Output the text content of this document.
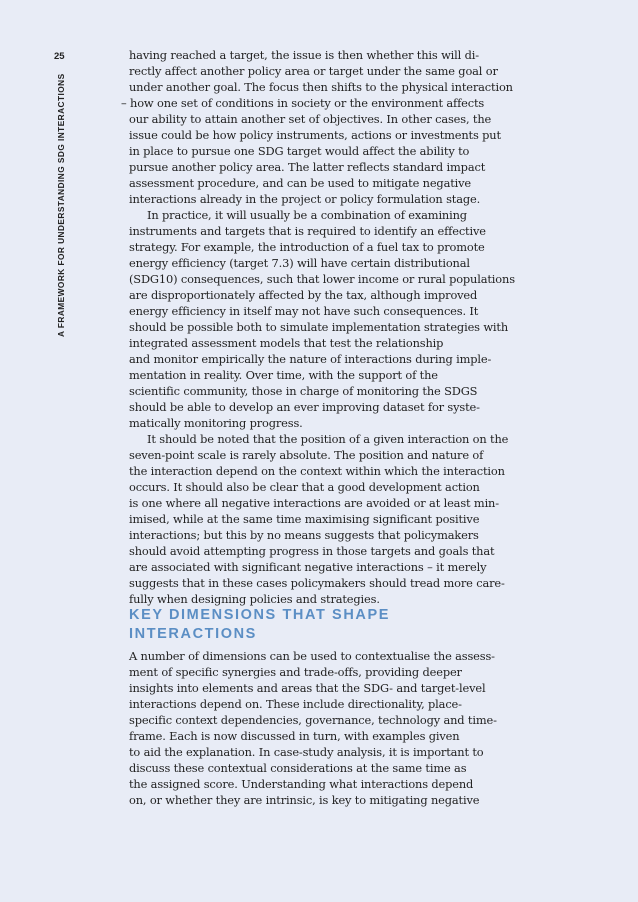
25
A FRAMEWORK FOR UNDERSTANDING SDG INTERACTIONS
having reached a target, the issue is then whether this will di-
rectly affect another policy area or target under the same goal or
under another goal. The focus then shifts to the physical interaction
– how one set of conditions in society or the environment affects
our ability to attain another set of objectives. In other cases, the
issue could be how policy instruments, actions or investments put
in place to pursue one SDG target would affect the ability to
pursue another policy area. The latter reflects standard impact
assessment procedure, and can be used to mitigate negative
interactions already in the project or policy formulation stage.
In practice, it will usually be a combination of examining
instruments and targets that is required to identify an effective
strategy. For example, the introduction of a fuel tax to promote
energy efficiency (target 7.3) will have certain distributional
(SDG10) consequences, such that lower income or rural populations
are disproportionately affected by the tax, although improved
energy efficiency in itself may not have such consequences. It
should be possible both to simulate implementation strategies with
integrated assessment models that test the relationship
and monitor empirically the nature of interactions during imple-
mentation in reality. Over time, with the support of the
scientific community, those in charge of monitoring the SDGS
should be able to develop an ever improving dataset for syste-
matically monitoring progress.
It should be noted that the position of a given interaction on the
seven-point scale is rarely absolute. The position and nature of
the interaction depend on the context within which the interaction
occurs. It should also be clear that a good development action
is one where all negative interactions are avoided or at least min-
imised, while at the same time maximising significant positive
interactions; but this by no means suggests that policymakers
should avoid attempting progress in those targets and goals that
are associated with significant negative interactions – it merely
suggests that in these cases policymakers should tread more care-
fully when designing policies and strategies.
KEY DIMENSIONS THAT SHAPE
INTERACTIONS
A number of dimensions can be used to contextualise the assess-
ment of specific synergies and trade-offs, providing deeper
insights into elements and areas that the SDG- and target-level
interactions depend on. These include directionality, place-
specific context dependencies, governance, technology and time-
frame. Each is now discussed in turn, with examples given
to aid the explanation. In case-study analysis, it is important to
discuss these contextual considerations at the same time as
the assigned score. Understanding what interactions depend
on, or whether they are intrinsic, is key to mitigating negative
